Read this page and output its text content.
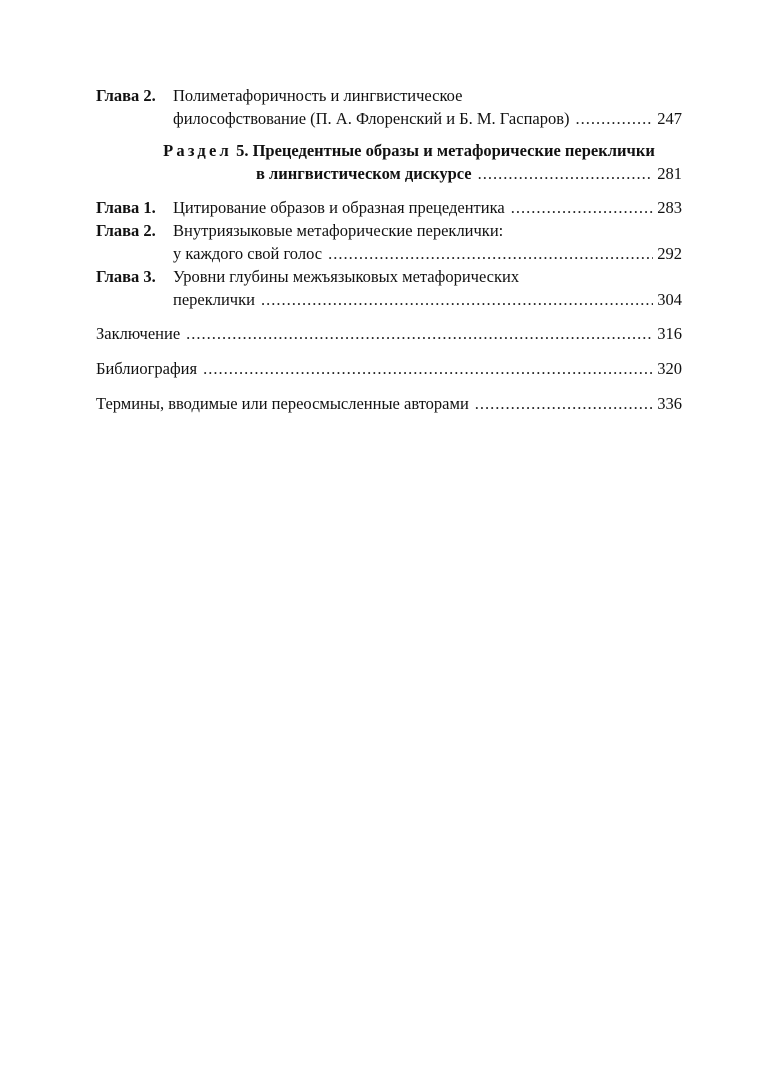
Глава 2.	Полиметафоричность и лингвистическое
философствование (П. А. Флоренский и Б. М. Гаспаров) .....	247
Раздел 5. Прецедентные образы и метафорические переклички
в лингвистическом дискурсе .....	281
Глава 1.	Цитирование образов и образная прецедентика .....	283
Глава 2.	Внутриязыковые метафорические переклички:
у каждого свой голос .....	292
Глава 3.	Уровни глубины межъязыковых метафорических
переклички .....	304
Заключение .....	316
Библиография .....	320
Термины, вводимые или переосмысленные авторами .....	336
